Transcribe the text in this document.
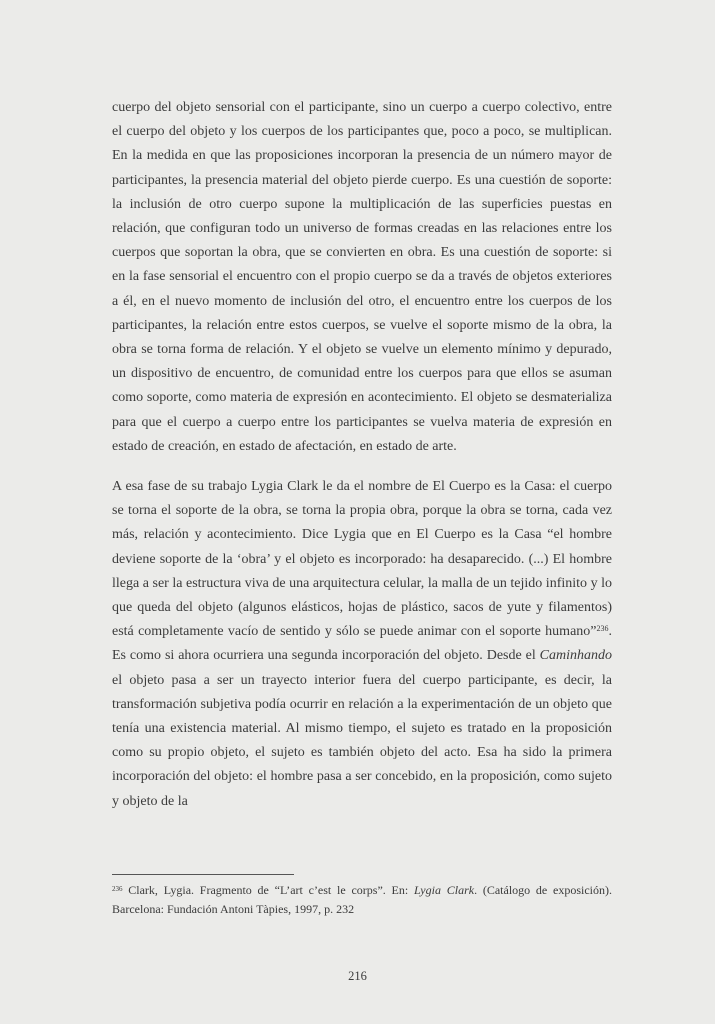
cuerpo del objeto sensorial con el participante, sino un cuerpo a cuerpo colectivo, entre el cuerpo del objeto y los cuerpos de los participantes que, poco a poco, se multiplican. En la medida en que las proposiciones incorporan la presencia de un número mayor de participantes, la presencia material del objeto pierde cuerpo. Es una cuestión de soporte: la inclusión de otro cuerpo supone la multiplicación de las superficies puestas en relación, que configuran todo un universo de formas creadas en las relaciones entre los cuerpos que soportan la obra, que se convierten en obra. Es una cuestión de soporte: si en la fase sensorial el encuentro con el propio cuerpo se da a través de objetos exteriores a él, en el nuevo momento de inclusión del otro, el encuentro entre los cuerpos de los participantes, la relación entre estos cuerpos, se vuelve el soporte mismo de la obra, la obra se torna forma de relación. Y el objeto se vuelve un elemento mínimo y depurado, un dispositivo de encuentro, de comunidad entre los cuerpos para que ellos se asuman como soporte, como materia de expresión en acontecimiento. El objeto se desmaterializa para que el cuerpo a cuerpo entre los participantes se vuelva materia de expresión en estado de creación, en estado de afectación, en estado de arte.

A esa fase de su trabajo Lygia Clark le da el nombre de El Cuerpo es la Casa: el cuerpo se torna el soporte de la obra, se torna la propia obra, porque la obra se torna, cada vez más, relación y acontecimiento. Dice Lygia que en El Cuerpo es la Casa “el hombre deviene soporte de la ‘obra’ y el objeto es incorporado: ha desaparecido. (...) El hombre llega a ser la estructura viva de una arquitectura celular, la malla de un tejido infinito y lo que queda del objeto (algunos elásticos, hojas de plástico, sacos de yute y filamentos) está completamente vacío de sentido y sólo se puede animar con el soporte humano”$^{236}$. Es como si ahora ocurriera una segunda incorporación del objeto. Desde el Caminhando el objeto pasa a ser un trayecto interior fuera del cuerpo participante, es decir, la transformación subjetiva podía ocurrir en relación a la experimentación de un objeto que tenía una existencia material. Al mismo tiempo, el sujeto es tratado en la proposición como su propio objeto, el sujeto es también objeto del acto. Esa ha sido la primera incorporación del objeto: el hombre pasa a ser concebido, en la proposición, como sujeto y objeto de la

$^{236}$ Clark, Lygia. Fragmento de “L’art c’est le corps”. En: Lygia Clark. (Catálogo de exposición). Barcelona: Fundación Antoni Tàpies, 1997, p. 232
216
